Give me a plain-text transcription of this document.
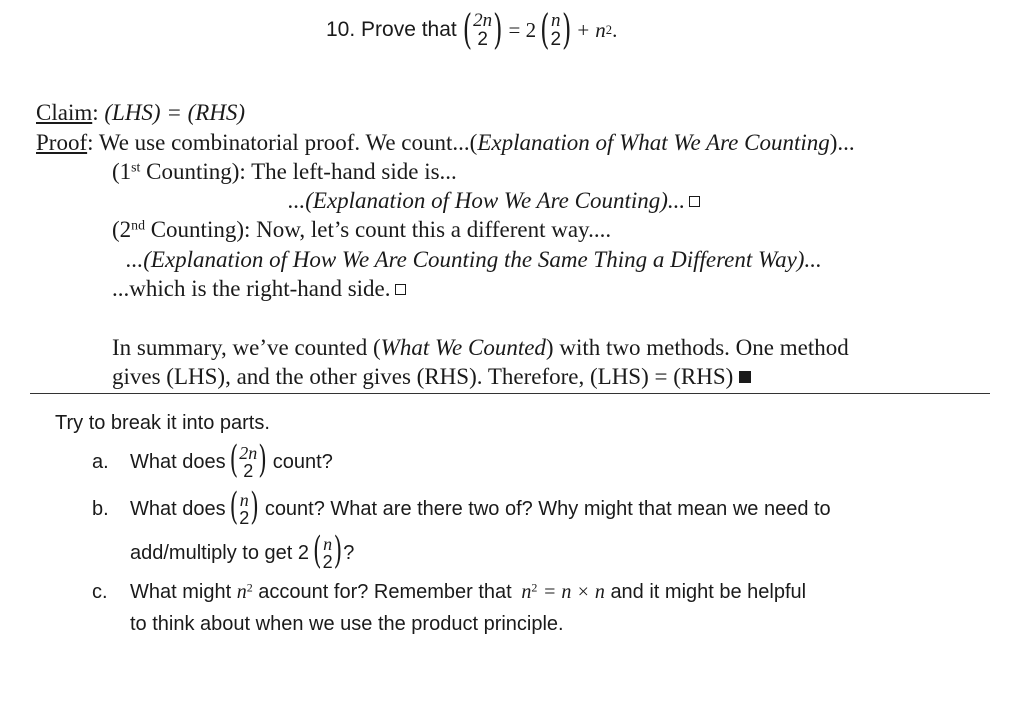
10. Prove that ( 2n
2 ) = 2 ( n
2 ) + n 2 .
Claim: (LHS) = (RHS)
Proof: We use combinatorial proof. We count...(Explanation of What We Are Counting)...
(1st Counting): The left-hand side is...
...(Explanation of How We Are Counting)...
(2nd Counting): Now, let’s count this a different way....
...(Explanation of How We Are Counting the Same Thing a Different Way)...
...which is the right-hand side.
In summary, we’ve counted (What We Counted) with two methods. One method
gives (LHS), and the other gives (RHS). Therefore, (LHS) = (RHS)
Try to break it into parts.
a.	What does ( 2n
2 ) count?
b.	What does ( n
2 ) count? What are there two of? Why might that mean we need to
add/multiply to get 2 ( n
2 ) ?
c. What might $n^2$ account for? Remember that $n^2 = n \times n$ and it might be helpful
to think about when we use the product principle.
